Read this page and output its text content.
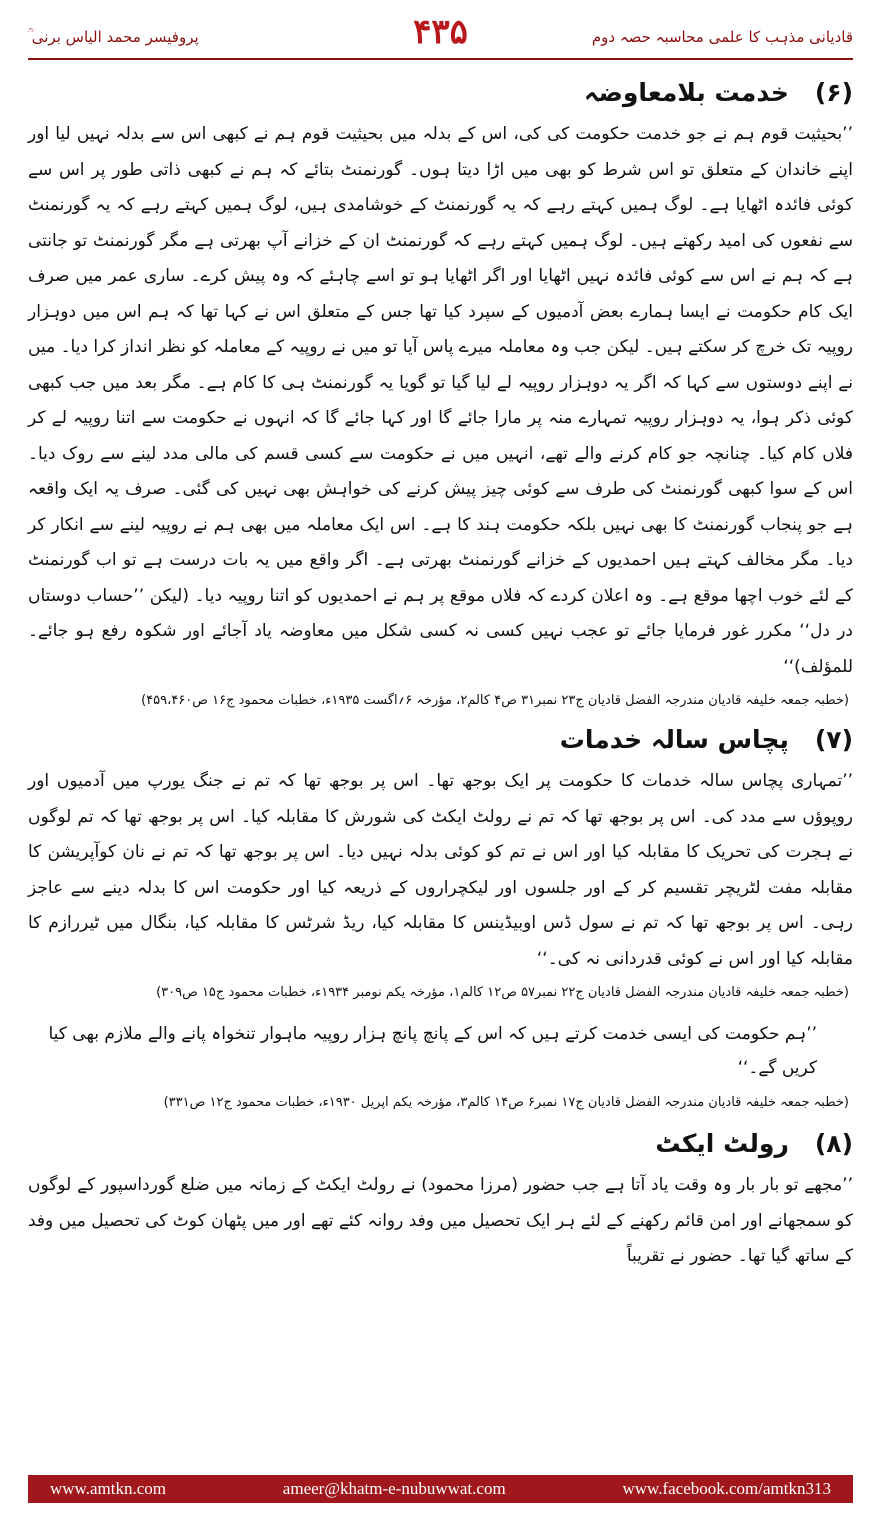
قادیانی مذہب کا علمی محاسبہ حصہ دوم
۴۳۵
پروفیسر محمد الیاس برنی ؒ
(۶)
خدمت بلامعاوضہ

’’بحیثیت قوم ہم نے جو خدمت حکومت کی کی، اس کے بدلہ میں بحیثیت قوم ہم نے کبھی اس سے بدلہ نہیں لیا اور اپنے خاندان کے متعلق تو اس شرط کو بھی میں اڑا دیتا ہوں۔ گورنمنٹ بتائے کہ ہم نے کبھی ذاتی طور پر اس سے کوئی فائدہ اٹھایا ہے۔ لوگ ہمیں کہتے رہے کہ یہ گورنمنٹ کے خوشامدی ہیں، لوگ ہمیں کہتے رہے کہ یہ گورنمنٹ سے نفعوں کی امید رکھتے ہیں۔ لوگ ہمیں کہتے رہے کہ گورنمنٹ ان کے خزانے آپ بھرتی ہے مگر گورنمنٹ تو جانتی ہے کہ ہم نے اس سے کوئی فائدہ نہیں اٹھایا اور اگر اٹھایا ہو تو اسے چاہئے کہ وہ پیش کرے۔ ساری عمر میں صرف ایک کام حکومت نے ایسا ہمارے بعض آدمیوں کے سپرد کیا تھا جس کے متعلق اس نے کہا تھا کہ ہم اس میں دوہزار روپیہ تک خرچ کر سکتے ہیں۔ لیکن جب وہ معاملہ میرے پاس آیا تو میں نے روپیہ کے معاملہ کو نظر انداز کرا دیا۔ میں نے اپنے دوستوں سے کہا کہ اگر یہ دوہزار روپیہ لے لیا گیا تو گویا یہ گورنمنٹ ہی کا کام ہے۔ مگر بعد میں جب کبھی کوئی ذکر ہوا، یہ دوہزار روپیہ تمہارے منہ پر مارا جائے گا اور کہا جائے گا کہ انہوں نے حکومت سے اتنا روپیہ لے کر فلاں کام کیا۔ چنانچہ جو کام کرنے والے تھے، انہیں میں نے حکومت سے کسی قسم کی مالی مدد لینے سے روک دیا۔ اس کے سوا کبھی گورنمنٹ کی طرف سے کوئی چیز پیش کرنے کی خواہش بھی نہیں کی گئی۔ صرف یہ ایک واقعہ ہے جو پنجاب گورنمنٹ کا بھی نہیں بلکہ حکومت ہند کا ہے۔ اس ایک معاملہ میں بھی ہم نے روپیہ لینے سے انکار کر دیا۔ مگر مخالف کہتے ہیں احمدیوں کے خزانے گورنمنٹ بھرتی ہے۔ اگر واقع میں یہ بات درست ہے تو اب گورنمنٹ کے لئے خوب اچھا موقع ہے۔ وہ اعلان کردے کہ فلاں موقع پر ہم نے احمدیوں کو اتنا روپیہ دیا۔ (لیکن ’’حساب دوستاں در دل‘‘ مکرر غور فرمایا جائے تو عجب نہیں کسی نہ کسی شکل میں معاوضہ یاد آجائے اور شکوہ رفع ہو جائے۔ للمؤلف)‘‘

(خطبہ جمعہ خلیفہ قادیان مندرجہ الفضل قادیان ج۲۳ نمبر۳۱ ص۴ کالم۲، مؤرخہ ۶؍اگست ۱۹۳۵ء، خطبات محمود ج۱۶ ص۴۵۹،۴۶۰)
(۷)
پچاس سالہ خدمات

’’تمہاری پچاس سالہ خدمات کا حکومت پر ایک بوجھ تھا۔ اس پر بوجھ تھا کہ تم نے جنگ یورپ میں آدمیوں اور روپوؤں سے مدد کی۔ اس پر بوجھ تھا کہ تم نے رولٹ ایکٹ کی شورش کا مقابلہ کیا۔ اس پر بوجھ تھا کہ تم لوگوں نے ہجرت کی تحریک کا مقابلہ کیا اور اس نے تم کو کوئی بدلہ نہیں دیا۔ اس پر بوجھ تھا کہ تم نے نان کوآپریشن کا مقابلہ مفت لٹریچر تقسیم کر کے اور جلسوں اور لیکچراروں کے ذریعہ کیا اور حکومت اس کا بدلہ دینے سے عاجز رہی۔ اس پر بوجھ تھا کہ تم نے سول ڈس اوبیڈینس کا مقابلہ کیا، ریڈ شرٹس کا مقابلہ کیا، بنگال میں ٹیررازم کا مقابلہ کیا اور اس نے کوئی قدردانی نہ کی۔‘‘

(خطبہ جمعہ خلیفہ قادیان مندرجہ الفضل قادیان ج۲۲ نمبر۵۷ ص۱۲ کالم۱، مؤرخہ یکم نومبر ۱۹۳۴ء، خطبات محمود ج۱۵ ص۳۰۹)
’’ہم حکومت کی ایسی خدمت کرتے ہیں کہ اس کے پانچ پانچ ہزار روپیہ ماہوار تنخواہ پانے والے ملازم بھی کیا کریں گے۔‘‘
(خطبہ جمعہ خلیفہ قادیان مندرجہ الفضل قادیان ج۱۷ نمبر۶ ص۱۴ کالم۳، مؤرخہ یکم اپریل ۱۹۳۰ء، خطبات محمود ج۱۲ ص۳۳۱)
(۸)
رولٹ ایکٹ

’’مجھے تو بار بار وہ وقت یاد آتا ہے جب حضور (مرزا محمود) نے رولٹ ایکٹ کے زمانہ میں ضلع گورداسپور کے لوگوں کو سمجھانے اور امن قائم رکھنے کے لئے ہر ایک تحصیل میں وفد روانہ کئے تھے اور میں پٹھان کوٹ کی تحصیل میں وفد کے ساتھ گیا تھا۔ حضور نے تقریباً

www.amtkn.com	ameer@khatm-e-nubuwwat.com	www.facebook.com/amtkn313
